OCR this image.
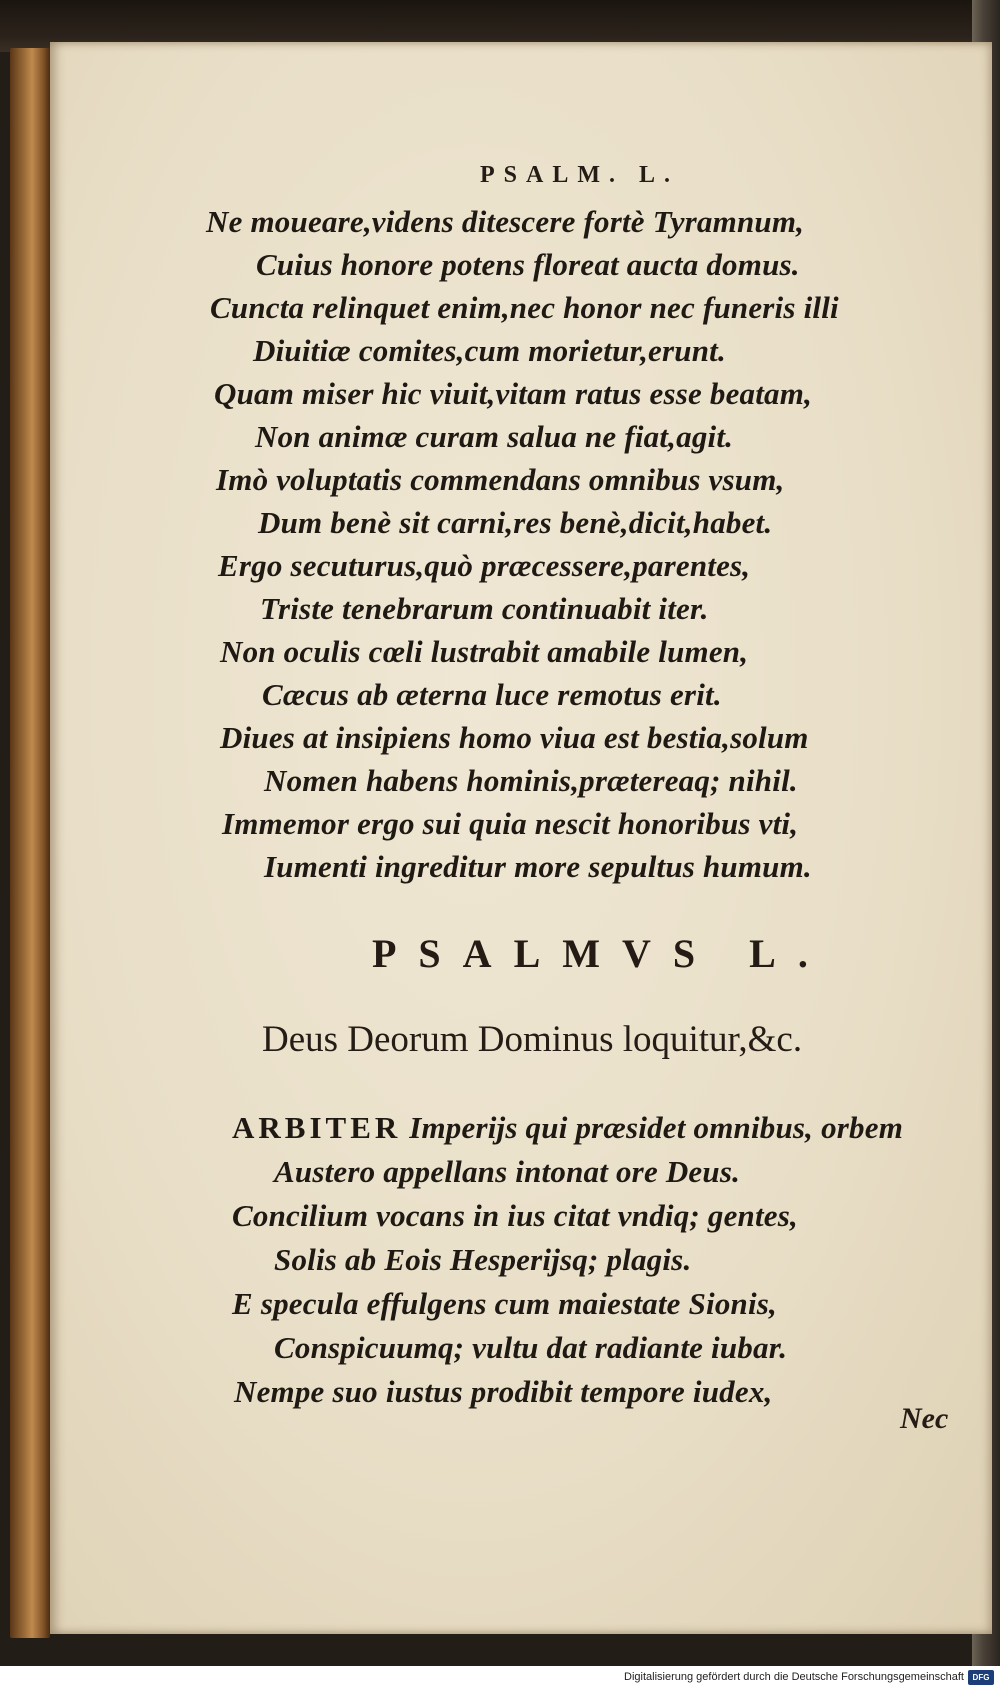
PSALM. L.
Ne moueare,videns ditescere fortè Tyramnum,
Cuius honore potens floreat aucta domus.
Cuncta relinquet enim,nec honor nec funeris illi
Diuitiæ comites,cum morietur,erunt.
Quam miser hic viuit,vitam ratus esse beatam,
Non animæ curam salua ne fiat,agit.
Imò voluptatis commendans omnibus vsum,
Dum benè sit carni,res benè,dicit,habet.
Ergo secuturus,quò præcessere,parentes,
Triste tenebrarum continuabit iter.
Non oculis cœli lustrabit amabile lumen,
Cæcus ab æterna luce remotus erit.
Diues at insipiens homo viua est bestia,solum
Nomen habens hominis,prætereaq; nihil.
Immemor ergo sui quia nescit honoribus vti,
Iumenti ingreditur more sepultus humum.
PSALMVS L.
Deus Deorum Dominus loquitur,&c.
ARBITER Imperijs qui præsidet omnibus, orbem
Austero appellans intonat ore Deus.
Concilium vocans in ius citat vndiq; gentes,
Solis ab Eois Hesperijsq; plagis.
E specula effulgens cum maiestate Sionis,
Conspicuumq; vultu dat radiante iubar.
Nempe suo iustus prodibit tempore iudex,
Nec
Digitalisierung gefördert durch die Deutsche Forschungsgemeinschaft	DFG
